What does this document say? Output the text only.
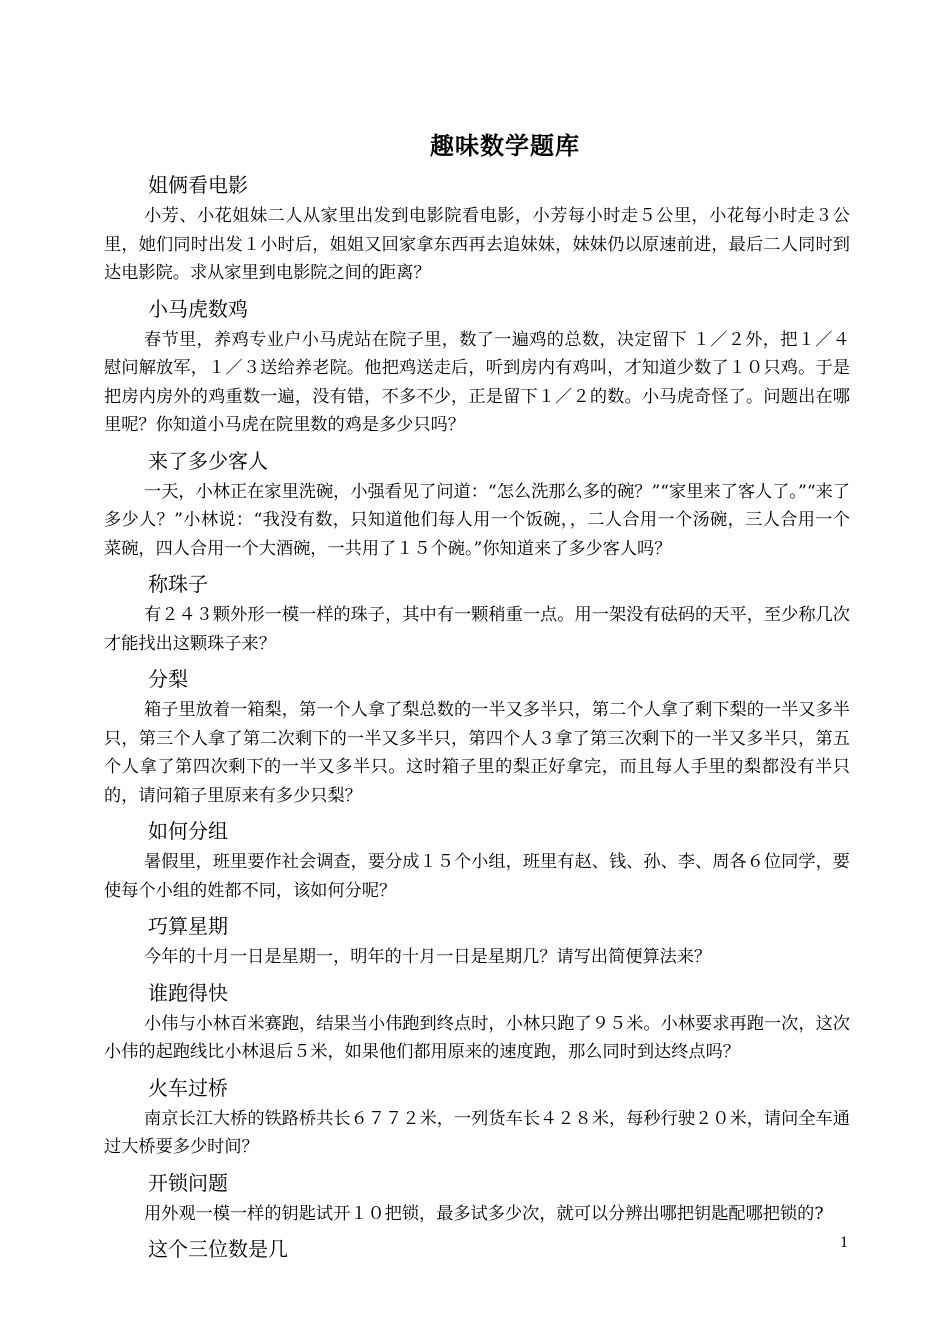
趣味数学题库
姐俩看电影

小芳、小花姐妹二人从家里出发到电影院看电影，小芳每小时走５公里，小花每小时走３公里，她们同时出发１小时后，姐姐又回家拿东西再去追妹妹，妹妹仍以原速前进，最后二人同时到达电影院。求从家里到电影院之间的距离？

小马虎数鸡

春节里，养鸡专业户小马虎站在院子里，数了一遍鸡的总数，决定留下 １／２外，把１／４慰问解放军，１／３送给养老院。他把鸡送走后，听到房内有鸡叫，才知道少数了１０只鸡。于是把房内房外的鸡重数一遍，没有错，不多不少，正是留下１／２的数。小马虎奇怪了。问题出在哪里呢？你知道小马虎在院里数的鸡是多少只吗？

来了多少客人

一天，小林正在家里洗碗，小强看见了问道：“怎么洗那么多的碗？”“家里来了客人了。”“来了多少人？”小林说：“我没有数，只知道他们每人用一个饭碗，，二人合用一个汤碗，三人合用一个菜碗，四人合用一个大酒碗，一共用了１５个碗。”你知道来了多少客人吗？

称珠子

有２４３颗外形一模一样的珠子，其中有一颗稍重一点。用一架没有砝码的天平，至少称几次才能找出这颗珠子来？

分梨

箱子里放着一箱梨，第一个人拿了梨总数的一半又多半只，第二个人拿了剩下梨的一半又多半只，第三个人拿了第二次剩下的一半又多半只，第四个人３拿了第三次剩下的一半又多半只，第五个人拿了第四次剩下的一半又多半只。这时箱子里的梨正好拿完，而且每人手里的梨都没有半只的，请问箱子里原来有多少只梨？

如何分组

暑假里，班里要作社会调查，要分成１５个小组，班里有赵、钱、孙、李、周各６位同学，要使每个小组的姓都不同，该如何分呢？

巧算星期

今年的十月一日是星期一，明年的十月一日是星期几？请写出简便算法来？

谁跑得快

小伟与小林百米赛跑，结果当小伟跑到终点时，小林只跑了９５米。小林要求再跑一次，这次小伟的起跑线比小林退后５米，如果他们都用原来的速度跑，那么同时到达终点吗？

火车过桥

南京长江大桥的铁路桥共长６７７２米，一列货车长４２８米，每秒行驶２０米，请问全车通过大桥要多少时间？

开锁问题

用外观一模一样的钥匙试开１０把锁，最多试多少次，就可以分辨出哪把钥匙配哪把锁的?

这个三位数是几	1
